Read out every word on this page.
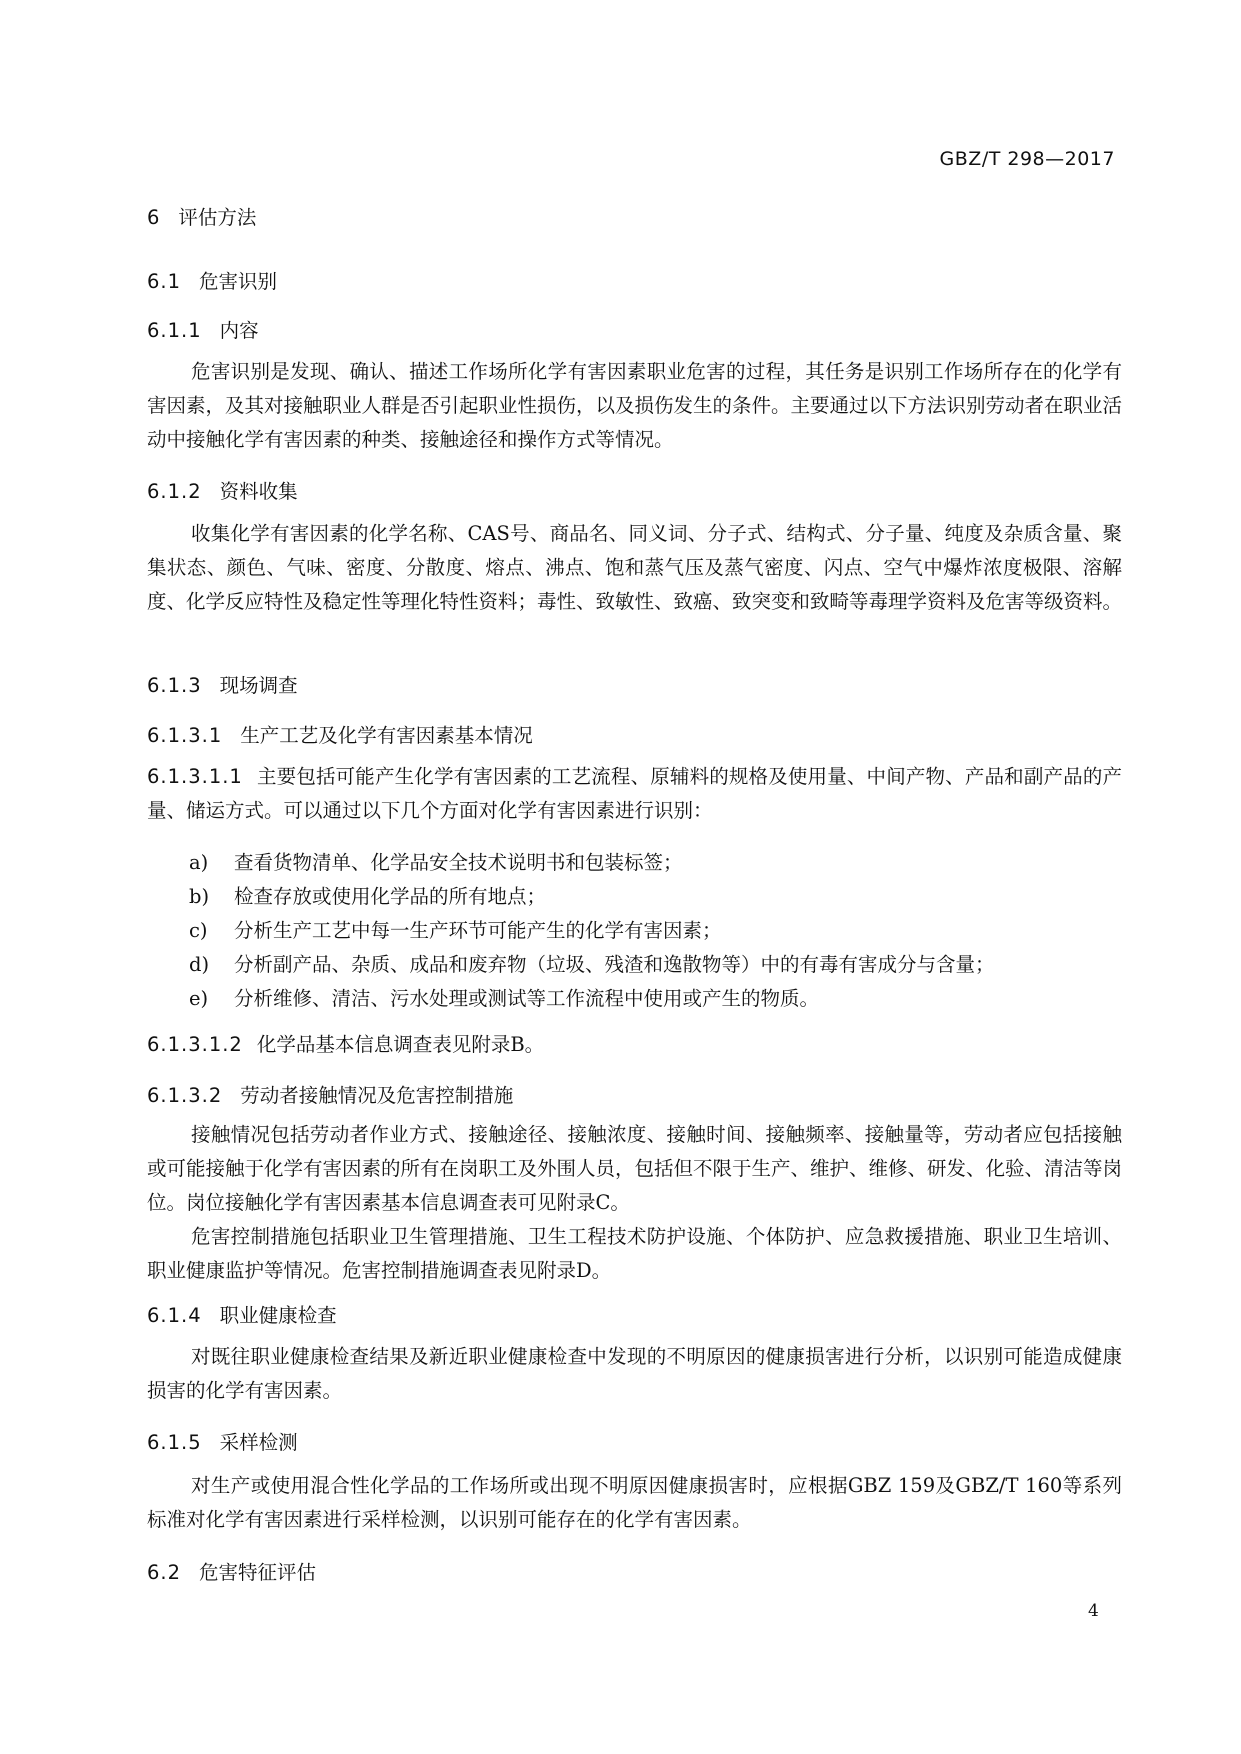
GBZ/T 298—2017
6 评估方法
6.1 危害识别
6.1.1 内容

危害识别是发现、确认、描述工作场所化学有害因素职业危害的过程，其任务是识别工作场所存在的化学有害因素，及其对接触职业人群是否引起职业性损伤，以及损伤发生的条件。主要通过以下方法识别劳动者在职业活动中接触化学有害因素的种类、接触途径和操作方式等情况。

6.1.2 资料收集

收集化学有害因素的化学名称、CAS号、商品名、同义词、分子式、结构式、分子量、纯度及杂质含量、聚集状态、颜色、气味、密度、分散度、熔点、沸点、饱和蒸气压及蒸气密度、闪点、空气中爆炸浓度极限、溶解度、化学反应特性及稳定性等理化特性资料；毒性、致敏性、致癌、致突变和致畸等毒理学资料及危害等级资料。

6.1.3 现场调查
6.1.3.1 生产工艺及化学有害因素基本情况

6.1.3.1.1 主要包括可能产生化学有害因素的工艺流程、原辅料的规格及使用量、中间产物、产品和副产品的产量、储运方式。可以通过以下几个方面对化学有害因素进行识别：

a) 查看货物清单、化学品安全技术说明书和包装标签；
b) 检查存放或使用化学品的所有地点；
c) 分析生产工艺中每一生产环节可能产生的化学有害因素；
d) 分析副产品、杂质、成品和废弃物（垃圾、残渣和逸散物等）中的有毒有害成分与含量；
e) 分析维修、清洁、污水处理或测试等工作流程中使用或产生的物质。

6.1.3.1.2 化学品基本信息调查表见附录B。

6.1.3.2 劳动者接触情况及危害控制措施

接触情况包括劳动者作业方式、接触途径、接触浓度、接触时间、接触频率、接触量等，劳动者应包括接触或可能接触于化学有害因素的所有在岗职工及外围人员，包括但不限于生产、维护、维修、研发、化验、清洁等岗位。岗位接触化学有害因素基本信息调查表可见附录C。

危害控制措施包括职业卫生管理措施、卫生工程技术防护设施、个体防护、应急救援措施、职业卫生培训、职业健康监护等情况。危害控制措施调查表见附录D。

6.1.4 职业健康检查

对既往职业健康检查结果及新近职业健康检查中发现的不明原因的健康损害进行分析，以识别可能造成健康损害的化学有害因素。

6.1.5 采样检测

对生产或使用混合性化学品的工作场所或出现不明原因健康损害时，应根据GBZ 159及GBZ/T 160等系列标准对化学有害因素进行采样检测，以识别可能存在的化学有害因素。

6.2 危害特征评估
4
